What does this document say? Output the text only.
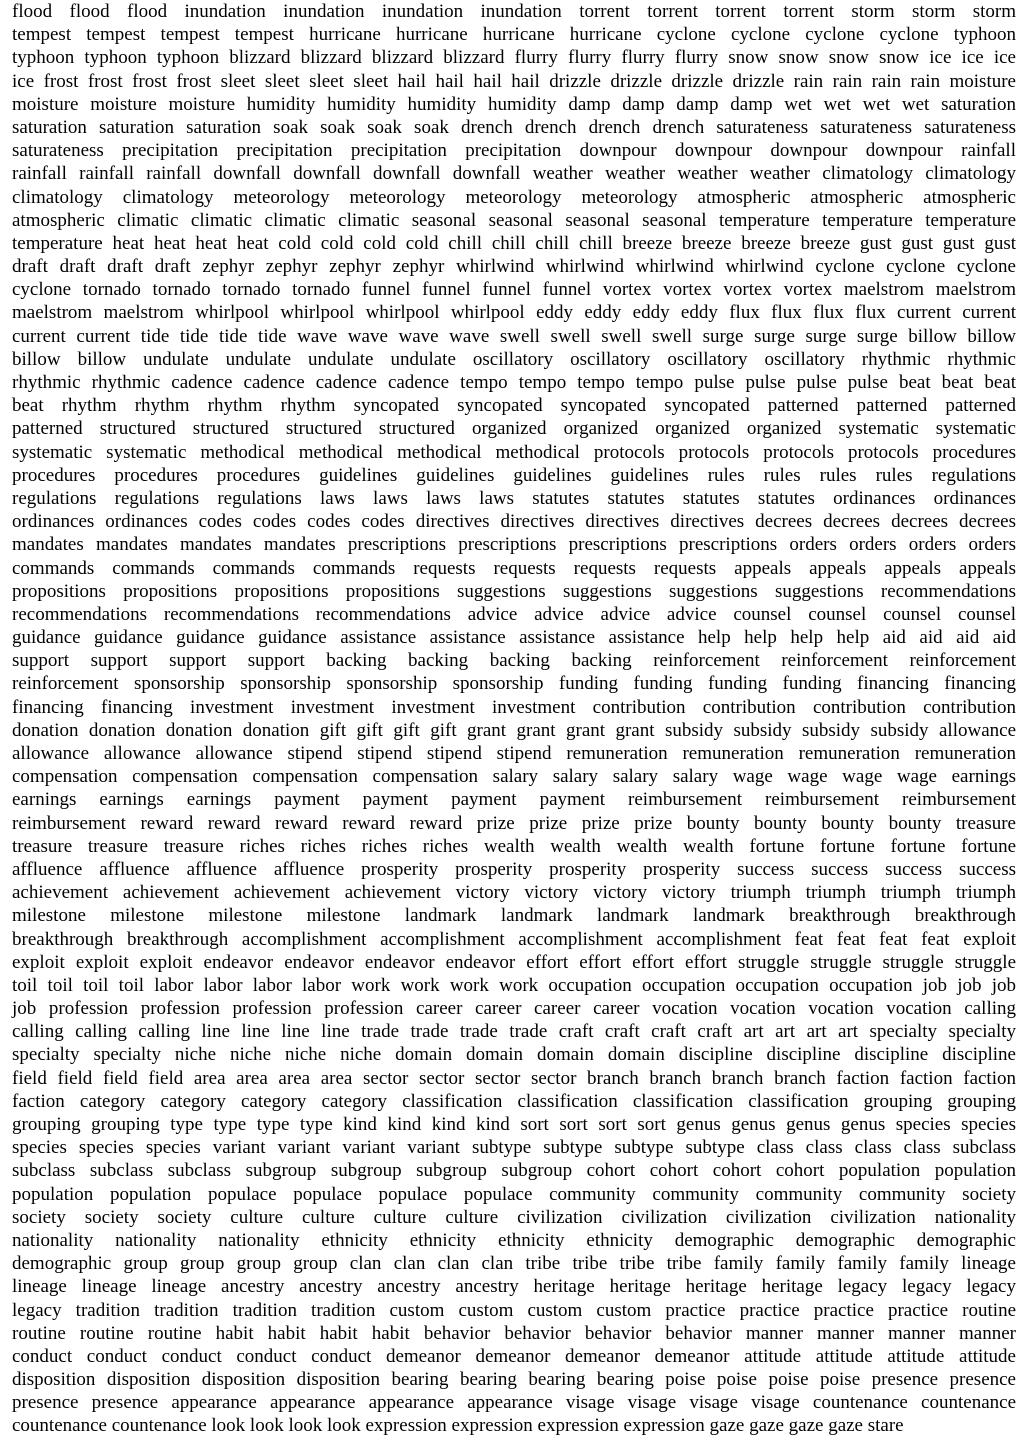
flood flood flood inundation inundation inundation inundation torrent torrent torrent torrent storm storm storm
tempest tempest tempest tempest hurricane hurricane hurricane hurricane cyclone cyclone cyclone cyclone typhoon
typhoon typhoon typhoon blizzard blizzard blizzard blizzard flurry flurry flurry flurry snow snow snow snow ice ice ice
ice frost frost frost frost sleet sleet sleet sleet hail hail hail hail drizzle drizzle drizzle drizzle rain rain rain rain moisture
moisture moisture moisture humidity humidity humidity humidity damp damp damp damp wet wet wet wet saturation
saturation saturation saturation soak soak soak soak drench drench drench drench saturateness saturateness saturateness
saturateness precipitation precipitation precipitation precipitation downpour downpour downpour downpour rainfall
rainfall rainfall rainfall downfall downfall downfall downfall weather weather weather weather climatology climatology
climatology climatology meteorology meteorology meteorology meteorology atmospheric atmospheric atmospheric
atmospheric climatic climatic climatic climatic seasonal seasonal seasonal seasonal temperature temperature temperature
temperature heat heat heat heat cold cold cold cold chill chill chill chill breeze breeze breeze breeze gust gust gust gust
draft draft draft draft zephyr zephyr zephyr zephyr whirlwind whirlwind whirlwind whirlwind cyclone cyclone cyclone
cyclone tornado tornado tornado tornado funnel funnel funnel funnel vortex vortex vortex vortex maelstrom maelstrom
maelstrom maelstrom whirlpool whirlpool whirlpool whirlpool eddy eddy eddy eddy flux flux flux flux current current
current current tide tide tide tide wave wave wave wave swell swell swell swell surge surge surge surge billow billow
billow billow undulate undulate undulate undulate oscillatory oscillatory oscillatory oscillatory rhythmic rhythmic
rhythmic rhythmic cadence cadence cadence cadence tempo tempo tempo tempo pulse pulse pulse pulse beat beat beat
beat rhythm rhythm rhythm rhythm syncopated syncopated syncopated syncopated patterned patterned patterned
patterned structured structured structured structured organized organized organized organized systematic systematic
systematic systematic methodical methodical methodical methodical protocols protocols protocols protocols procedures
procedures procedures procedures guidelines guidelines guidelines guidelines rules rules rules rules regulations
regulations regulations regulations laws laws laws laws statutes statutes statutes statutes ordinances ordinances
ordinances ordinances codes codes codes codes directives directives directives directives decrees decrees decrees decrees
mandates mandates mandates mandates prescriptions prescriptions prescriptions prescriptions orders orders orders orders
commands commands commands commands requests requests requests requests appeals appeals appeals appeals
propositions propositions propositions propositions suggestions suggestions suggestions suggestions recommendations
recommendations recommendations recommendations advice advice advice advice counsel counsel counsel counsel
guidance guidance guidance guidance assistance assistance assistance assistance help help help help aid aid aid aid
support support support support backing backing backing backing reinforcement reinforcement reinforcement
reinforcement sponsorship sponsorship sponsorship sponsorship funding funding funding funding financing financing
financing financing investment investment investment investment contribution contribution contribution contribution
donation donation donation donation gift gift gift gift grant grant grant grant subsidy subsidy subsidy subsidy allowance
allowance allowance allowance stipend stipend stipend stipend remuneration remuneration remuneration remuneration
compensation compensation compensation compensation salary salary salary salary wage wage wage wage earnings
earnings earnings earnings payment payment payment payment reimbursement reimbursement reimbursement
reimbursement reward reward reward reward reward prize prize prize prize bounty bounty bounty bounty treasure
treasure treasure treasure riches riches riches riches wealth wealth wealth wealth fortune fortune fortune fortune
affluence affluence affluence affluence prosperity prosperity prosperity prosperity success success success success
achievement achievement achievement achievement victory victory victory victory triumph triumph triumph triumph
milestone milestone milestone milestone landmark landmark landmark landmark breakthrough breakthrough
breakthrough breakthrough accomplishment accomplishment accomplishment accomplishment feat feat feat feat exploit
exploit exploit exploit endeavor endeavor endeavor endeavor effort effort effort effort struggle struggle struggle struggle
toil toil toil toil labor labor labor labor work work work work occupation occupation occupation occupation job job job
job profession profession profession profession career career career career vocation vocation vocation vocation calling
calling calling calling line line line line trade trade trade trade craft craft craft craft art art art art specialty specialty
specialty specialty niche niche niche niche domain domain domain domain discipline discipline discipline discipline
field field field field area area area area sector sector sector sector branch branch branch branch faction faction faction
faction category category category category classification classification classification classification grouping grouping
grouping grouping type type type type kind kind kind kind sort sort sort sort genus genus genus genus species species
species species species variant variant variant variant subtype subtype subtype subtype class class class class subclass
subclass subclass subclass subgroup subgroup subgroup subgroup cohort cohort cohort cohort population population
population population populace populace populace populace community community community community society
society society society culture culture culture culture civilization civilization civilization civilization nationality
nationality nationality nationality ethnicity ethnicity ethnicity ethnicity demographic demographic demographic
demographic group group group group clan clan clan clan tribe tribe tribe tribe family family family family lineage
lineage lineage lineage ancestry ancestry ancestry ancestry heritage heritage heritage heritage legacy legacy legacy
legacy tradition tradition tradition tradition custom custom custom custom practice practice practice practice routine
routine routine routine habit habit habit habit behavior behavior behavior behavior manner manner manner manner
conduct conduct conduct conduct conduct demeanor demeanor demeanor demeanor attitude attitude attitude attitude
disposition disposition disposition disposition bearing bearing bearing bearing poise poise poise poise presence presence
presence presence appearance appearance appearance appearance visage visage visage visage countenance countenance
countenance countenance look look look look expression expression expression expression gaze gaze gaze gaze stare
